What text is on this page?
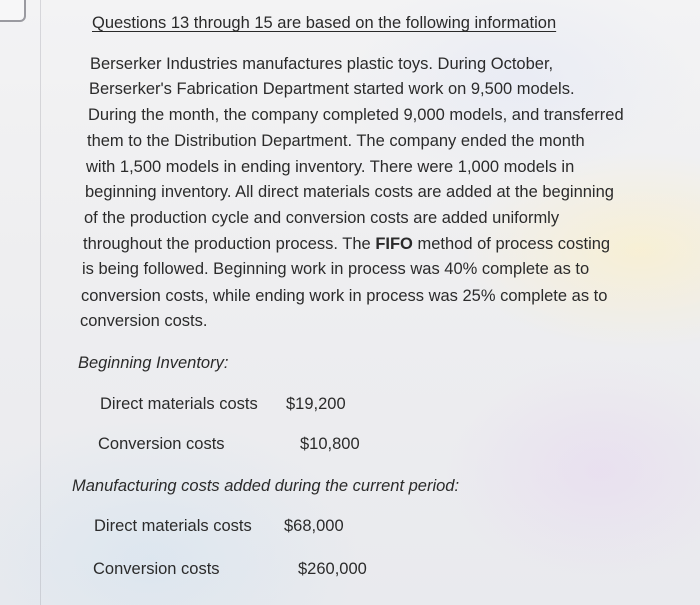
Questions 13 through 15 are based on the following information
Berserker Industries manufactures plastic toys. During October,
Berserker's Fabrication Department started work on 9,500 models.
During the month, the company completed 9,000 models, and transferred
them to the Distribution Department. The company ended the month
with 1,500 models in ending inventory. There were 1,000 models in
beginning inventory. All direct materials costs are added at the beginning
of the production cycle and conversion costs are added uniformly
throughout the production process. The FIFO method of process costing
is being followed. Beginning work in process was 40% complete as to
conversion costs, while ending work in process was 25% complete as to
conversion costs.
Beginning Inventory:
Direct materials costs $19,200
Conversion costs	$10,800
Manufacturing costs added during the current period:
Direct materials costs $68,000
Conversion costs	$260,000
